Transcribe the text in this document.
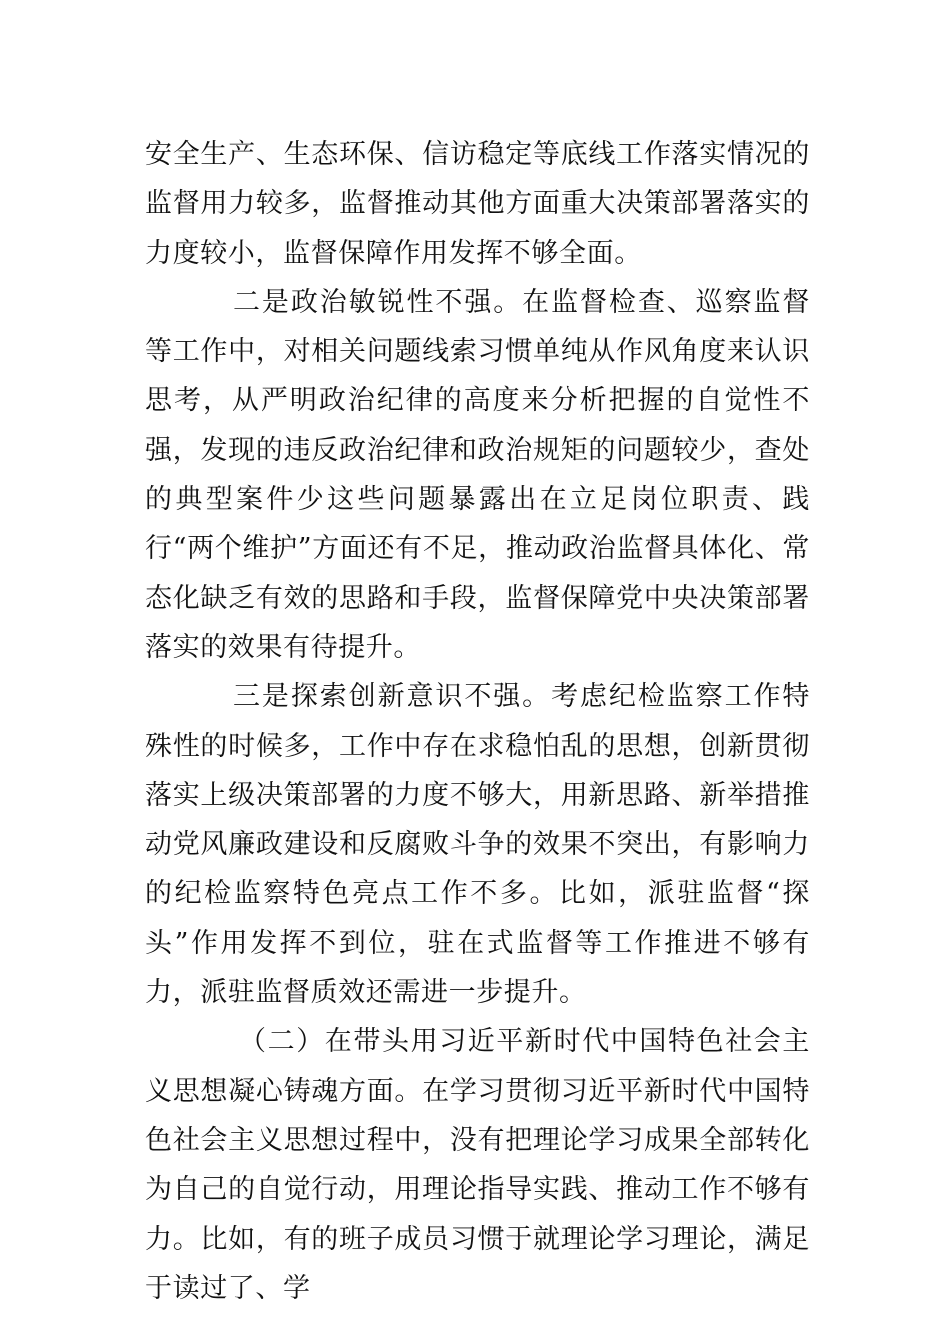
安全生产、生态环保、信访稳定等底线工作落实情况的监督用力较多，监督推动其他方面重大决策部署落实的力度较小，监督保障作用发挥不够全面。

二是政治敏锐性不强。在监督检查、巡察监督等工作中，对相关问题线索习惯单纯从作风角度来认识思考，从严明政治纪律的高度来分析把握的自觉性不强，发现的违反政治纪律和政治规矩的问题较少，查处的典型案件少这些问题暴露出在立足岗位职责、践行“两个维护”方面还有不足，推动政治监督具体化、常态化缺乏有效的思路和手段，监督保障党中央决策部署落实的效果有待提升。

三是探索创新意识不强。考虑纪检监察工作特殊性的时候多，工作中存在求稳怕乱的思想，创新贯彻落实上级决策部署的力度不够大，用新思路、新举措推动党风廉政建设和反腐败斗争的效果不突出，有影响力的纪检监察特色亮点工作不多。比如，派驻监督“探头”作用发挥不到位，驻在式监督等工作推进不够有力，派驻监督质效还需进一步提升。

（二）在带头用习近平新时代中国特色社会主义思想凝心铸魂方面。在学习贯彻习近平新时代中国特色社会主义思想过程中，没有把理论学习成果全部转化为自己的自觉行动，用理论指导实践、推动工作不够有力。比如，有的班子成员习惯于就理论学习理论，满足于读过了、学
